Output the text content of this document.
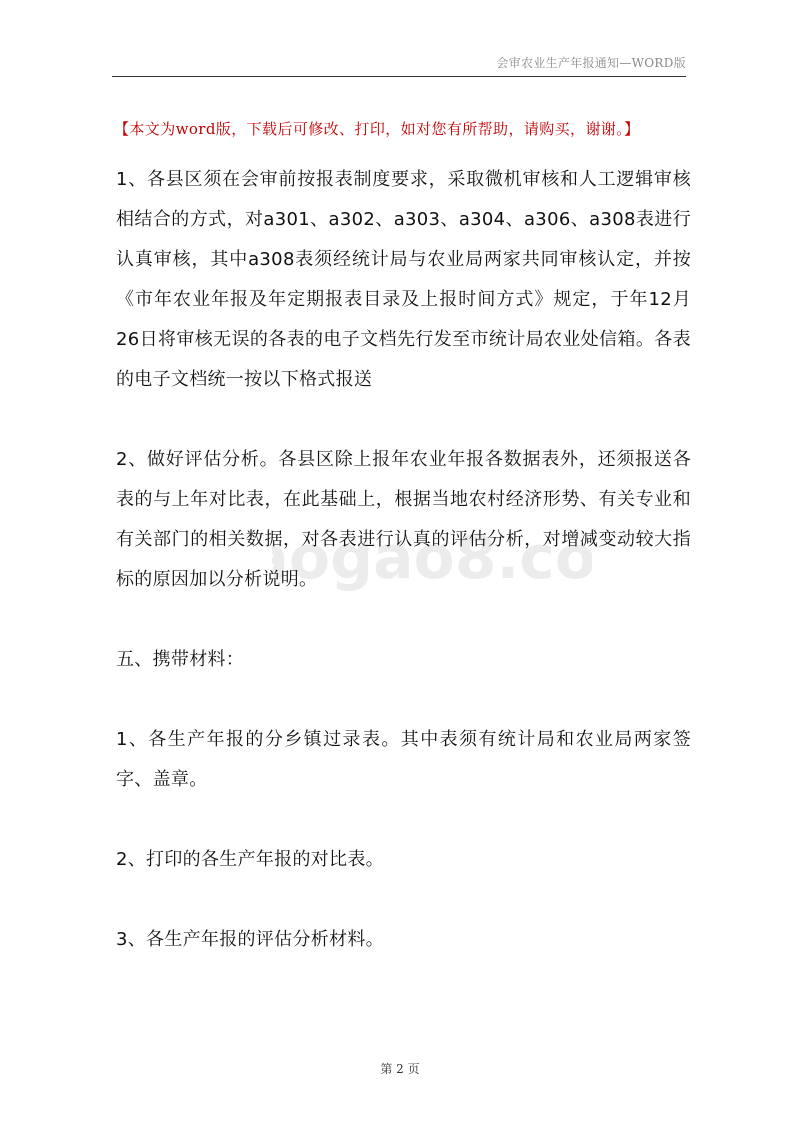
会审农业生产年报通知—WORD版
【本文为word版，下载后可修改、打印，如对您有所帮助，请购买，谢谢。】

1、各县区须在会审前按报表制度要求，采取微机审核和人工逻辑审核相结合的方式，对a301、a302、a303、a304、a306、a308表进行认真审核，其中a308表须经统计局与农业局两家共同审核认定，并按《市年农业年报及年定期报表目录及上报时间方式》规定，于年12月26日将审核无误的各表的电子文档先行发至市统计局农业处信箱。各表的电子文档统一按以下格式报送

2、做好评估分析。各县区除上报年农业年报各数据表外，还须报送各表的与上年对比表，在此基础上，根据当地农村经济形势、有关专业和有关部门的相关数据，对各表进行认真的评估分析，对增减变动较大指标的原因加以分析说明。

五、携带材料：

1、各生产年报的分乡镇过录表。其中表须有统计局和农业局两家签字、盖章。

2、打印的各生产年报的对比表。

3、各生产年报的评估分析材料。

ogao8.co
第 2 页
